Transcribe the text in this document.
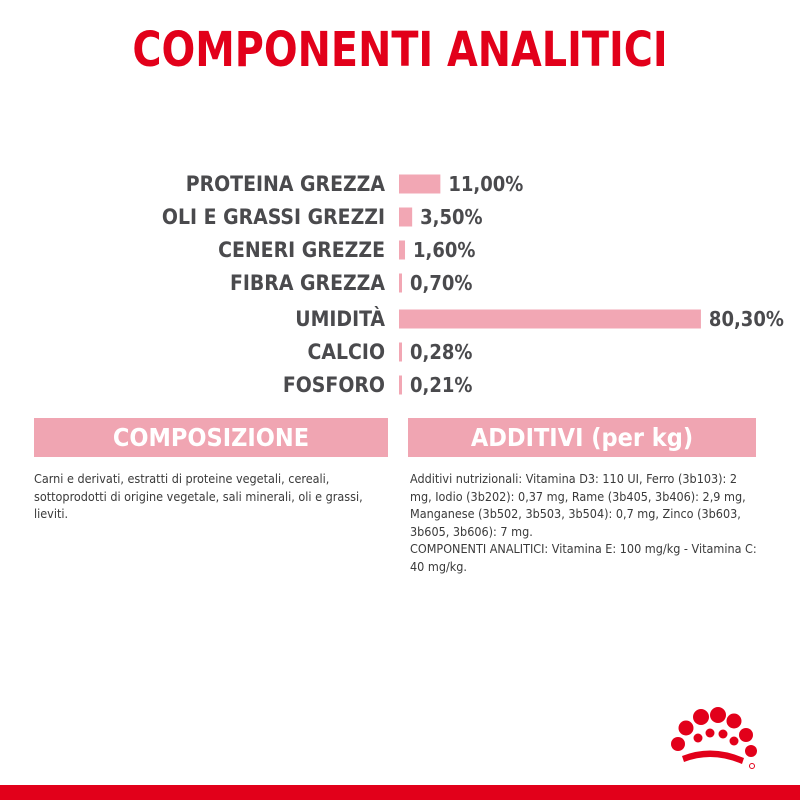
COMPONENTI ANALITICI
PROTEINA GREZZA	11,00%
OLI E GRASSI GREZZI 3,50%
CENERI GREZZE 1,60%
FIBRA GREZZA 0,70%
UMIDITÀ	80,30%
CALCIO 0,28%
FOSFORO 0,21%
COMPOSIZIONE	ADDITIVI (per kg)

Carni e derivati, estratti di proteine vegetali, cereali, sottoprodotti di origine vegetale, sali minerali, oli e grassi, lieviti.

Additivi nutrizionali: Vitamina D3: 110 UI, Ferro (3b103): 2 mg, Iodio (3b202): 0,37 mg, Rame (3b405, 3b406): 2,9 mg, Manganese (3b502, 3b503, 3b504): 0,7 mg, Zinco (3b603, 3b605, 3b606): 7 mg.
COMPONENTI ANALITICI: Vitamina E: 100 mg/kg - Vitamina C: 40 mg/kg.
